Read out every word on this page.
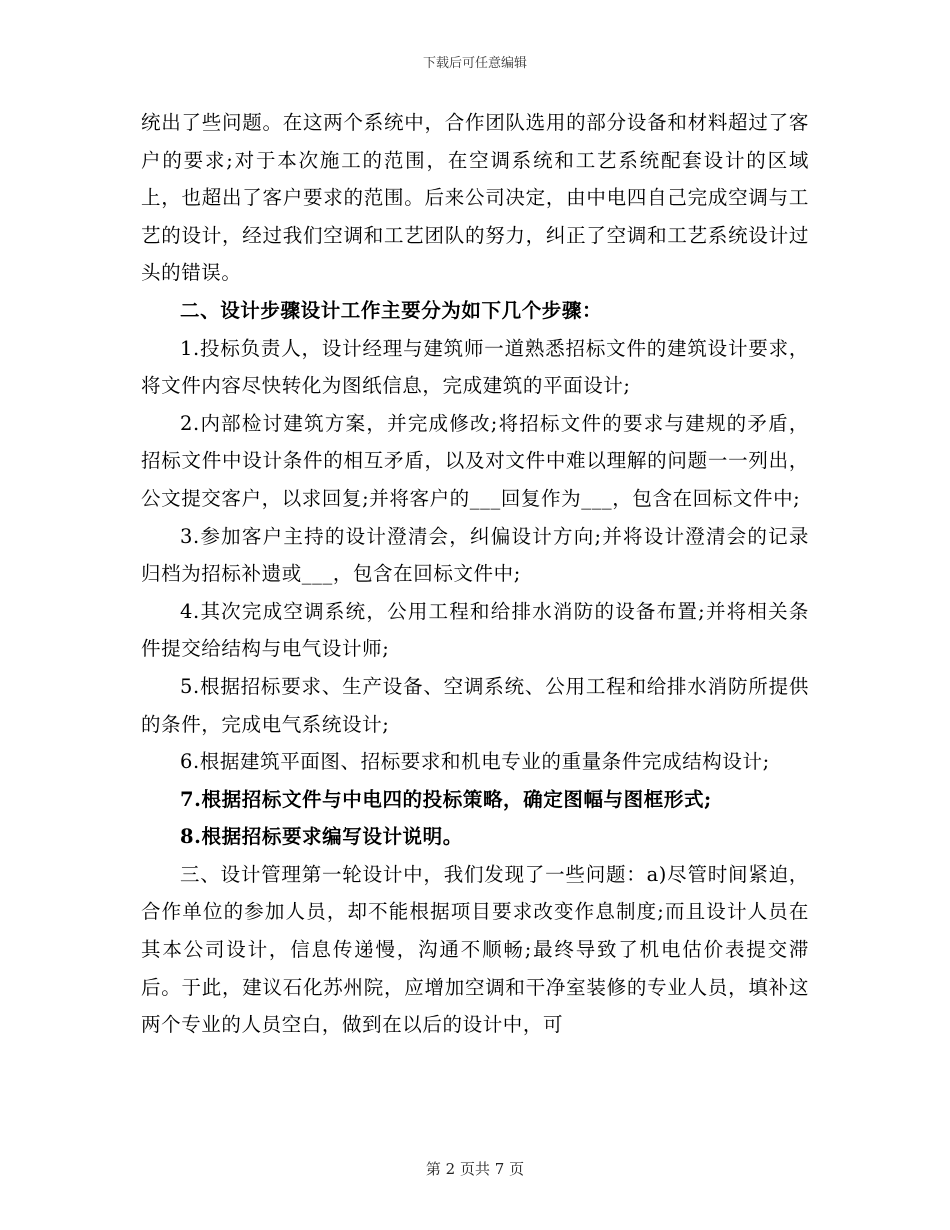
下载后可任意编辑

统出了些问题。在这两个系统中，合作团队选用的部分设备和材料超过了客户的要求;对于本次施工的范围，在空调系统和工艺系统配套设计的区域上，也超出了客户要求的范围。后来公司决定，由中电四自己完成空调与工艺的设计，经过我们空调和工艺团队的努力，纠正了空调和工艺系统设计过头的错误。

二、设计步骤设计工作主要分为如下几个步骤：

1.投标负责人，设计经理与建筑师一道熟悉招标文件的建筑设计要求，将文件内容尽快转化为图纸信息，完成建筑的平面设计;

2.内部检讨建筑方案，并完成修改;将招标文件的要求与建规的矛盾，招标文件中设计条件的相互矛盾，以及对文件中难以理解的问题一一列出，公文提交客户，以求回复;并将客户的___回复作为___，包含在回标文件中;

3.参加客户主持的设计澄清会，纠偏设计方向;并将设计澄清会的记录归档为招标补遗或___，包含在回标文件中;

4.其次完成空调系统，公用工程和给排水消防的设备布置;并将相关条件提交给结构与电气设计师;

5.根据招标要求、生产设备、空调系统、公用工程和给排水消防所提供的条件，完成电气系统设计;

6.根据建筑平面图、招标要求和机电专业的重量条件完成结构设计;

7.根据招标文件与中电四的投标策略，确定图幅与图框形式;

8.根据招标要求编写设计说明。

三、设计管理第一轮设计中，我们发现了一些问题：a)尽管时间紧迫，合作单位的参加人员，却不能根据项目要求改变作息制度;而且设计人员在其本公司设计，信息传递慢，沟通不顺畅;最终导致了机电估价表提交滞后。于此，建议石化苏州院，应增加空调和干净室装修的专业人员，填补这两个专业的人员空白，做到在以后的设计中，可

第 2 页共 7 页
